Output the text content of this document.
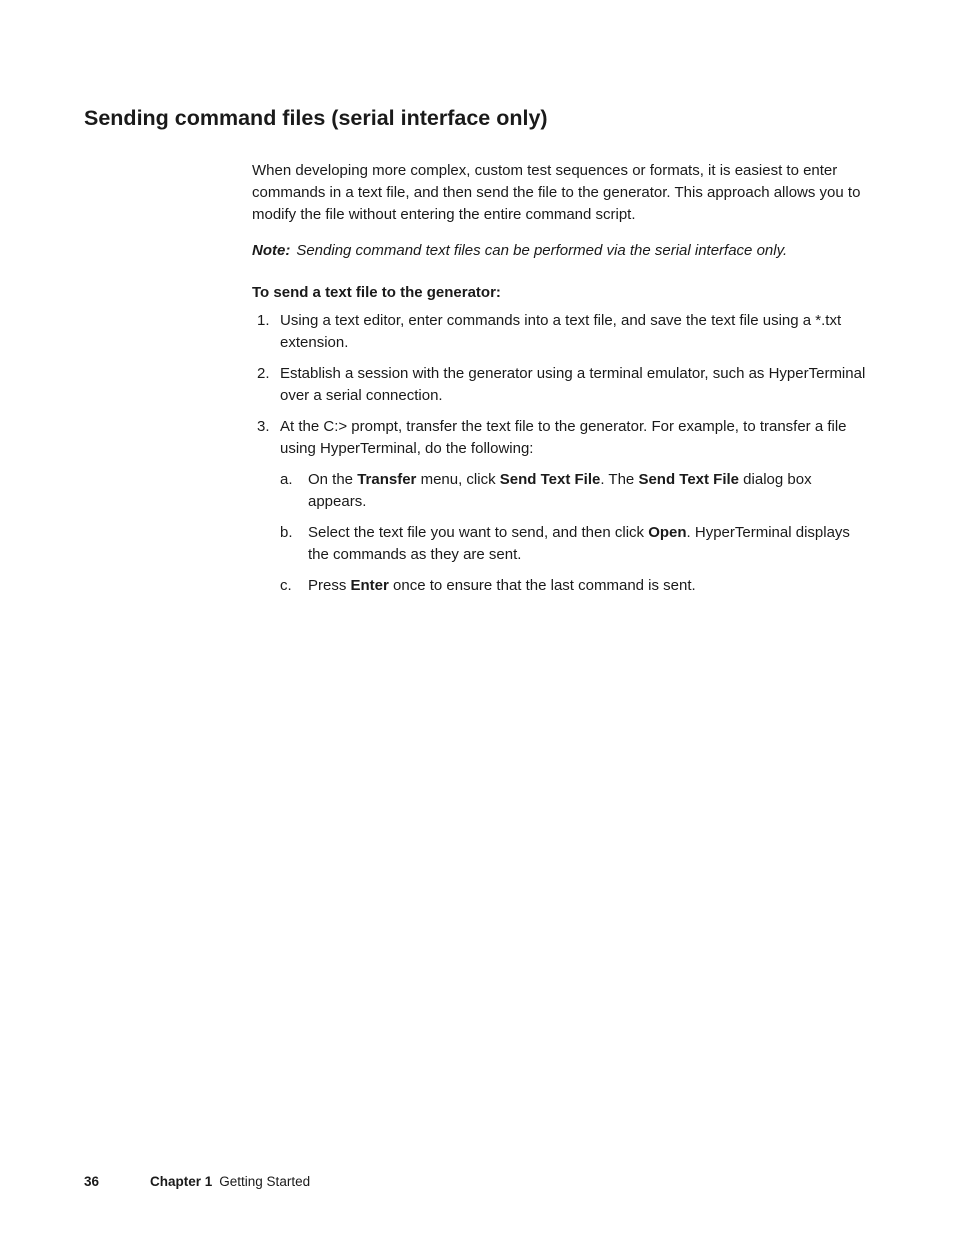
Sending command files (serial interface only)

When developing more complex, custom test sequences or formats, it is easiest to enter commands in a text file, and then send the file to the generator. This approach allows you to modify the file without entering the entire command script.

Note: Sending command text files can be performed via the serial interface only.

To send a text file to the generator:

1. Using a text editor, enter commands into a text file, and save the text file using a *.txt extension.
2. Establish a session with the generator using a terminal emulator, such as HyperTerminal over a serial connection.
3. At the C:> prompt, transfer the text file to the generator. For example, to transfer a file using HyperTerminal, do the following:
a. On the Transfer menu, click Send Text File. The Send Text File dialog box appears.
b. Select the text file you want to send, and then click Open. HyperTerminal displays the commands as they are sent.
c. Press Enter once to ensure that the last command is sent.
36	Chapter 1 Getting Started
